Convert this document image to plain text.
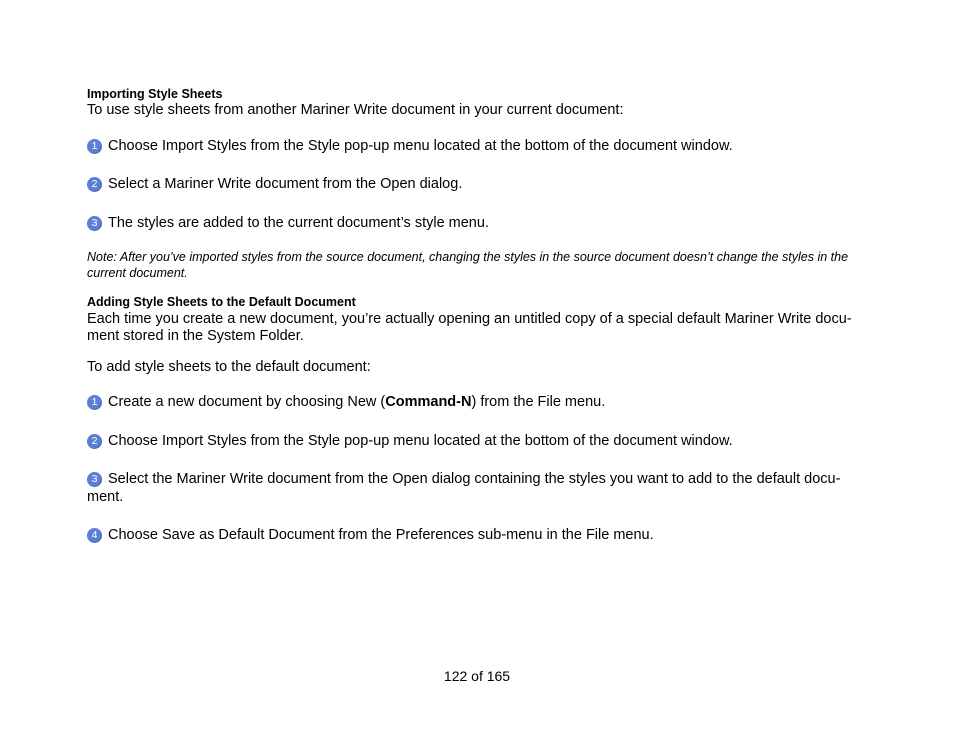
Importing Style Sheets
To use style sheets from another Mariner Write document in your current document:
1 Choose Import Styles from the Style pop-up menu located at the bottom of the document window.
2 Select a Mariner Write document from the Open dialog.
3 The styles are added to the current document’s style menu.
Note: After you’ve imported styles from the source document, changing the styles in the source document doesn’t change the styles in the current document.
Adding Style Sheets to the Default Document
Each time you create a new document, you’re actually opening an untitled copy of a special default Mariner Write docu-ment stored in the System Folder.
To add style sheets to the default document:
1 Create a new document by choosing New (Command-N) from the File menu.
2 Choose Import Styles from the Style pop-up menu located at the bottom of the document window.
3 Select the Mariner Write document from the Open dialog containing the styles you want to add to the default docu-ment.
4 Choose Save as Default Document from the Preferences sub-menu in the File menu.
122 of 165
